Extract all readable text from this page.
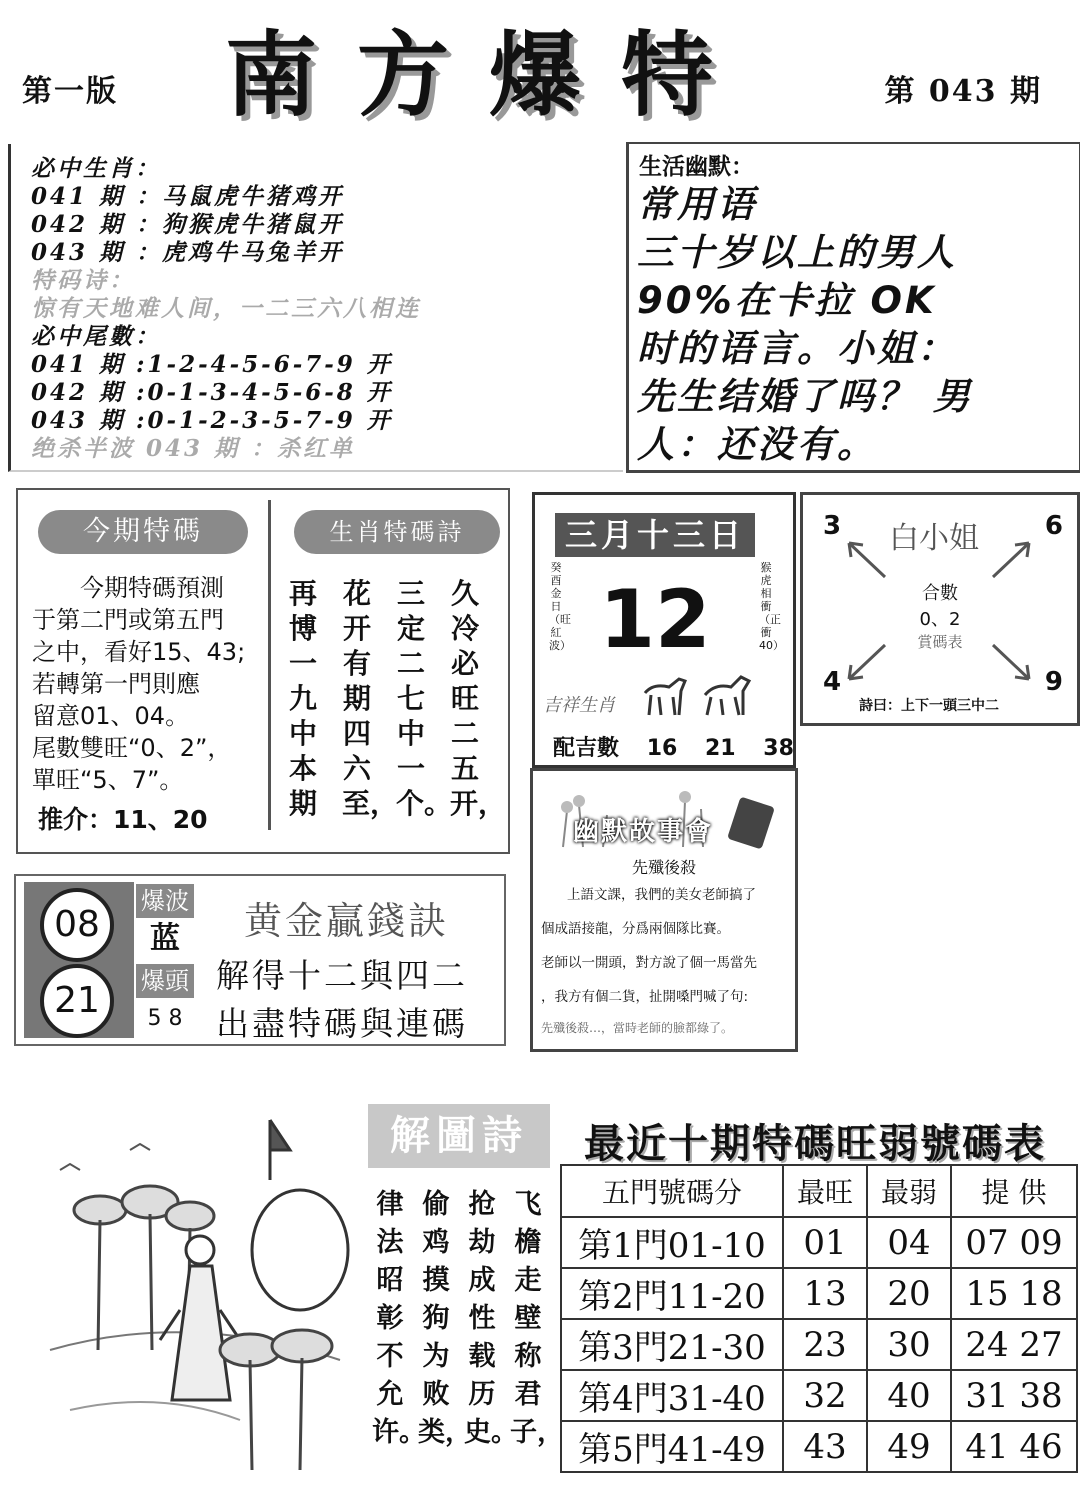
第一版 南方爆特	第 043 期
必中生肖：
041 期 ：马鼠虎牛猪鸡开
042 期 ：狗猴虎牛猪鼠开
043 期 ：虎鸡牛马兔羊开
特码诗：
惊有天地难人间，一二三六八相连
必中尾數：
041 期 :1-2-4-5-6-7-9 开
042 期 :0-1-3-4-5-6-8 开
043 期 :0-1-2-3-5-7-9 开
绝杀半波 043 期 ：杀红单
生活幽默：
常用语
三十岁以上的男人
90%在卡拉 OK
时的语言。小姐：
先生结婚了吗？ 男
人：还没有。
今期特碼	生肖特碼詩

今期特碼預測

于第二門或第五門

之中，看好15、43;

若轉第一門則應

留意01、04。

尾數雙旺“0、2”，

單旺“5、7”。

推介：11、20
再博一九中本期
花开有期四六至，
三定二七中一个。
久冷必旺二五开，
三月十三日
12
癸酉金日（旺紅波）
猴虎相衝（正衝40）
吉祥生肖
配吉數 16 21 38
3	6
4	9
白小姐
合數
0、2
賞碼表
詩曰：上下一頭三中二
幽默故事會
先殲後殺
上語文課，我們的美女老師搞了
個成語接龍，分爲兩個隊比賽。
老師以一開頭，對方說了個一馬當先
，我方有個二貨，扯開嗓門喊了句:
先殲後殺…，當時老師的臉都綠了。
08
21
爆波
蓝
爆頭
5 8
黄金贏錢訣
解得十二與四二
出盡特碼與連碼
解圖詩
律法昭彰不允许。
偷鸡摸狗为败类，
抢劫成性载历史。
飞檐走壁称君子，
最近十期特碼旺弱號碼表
五門號碼分	最旺	最弱	提 供
第1門01-10	01	04	07 09
第2門11-20	13	20	15 18
第3門21-30	23	30	24 27
第4門31-40	32	40	31 38
第5門41-49	43	49	41 46
